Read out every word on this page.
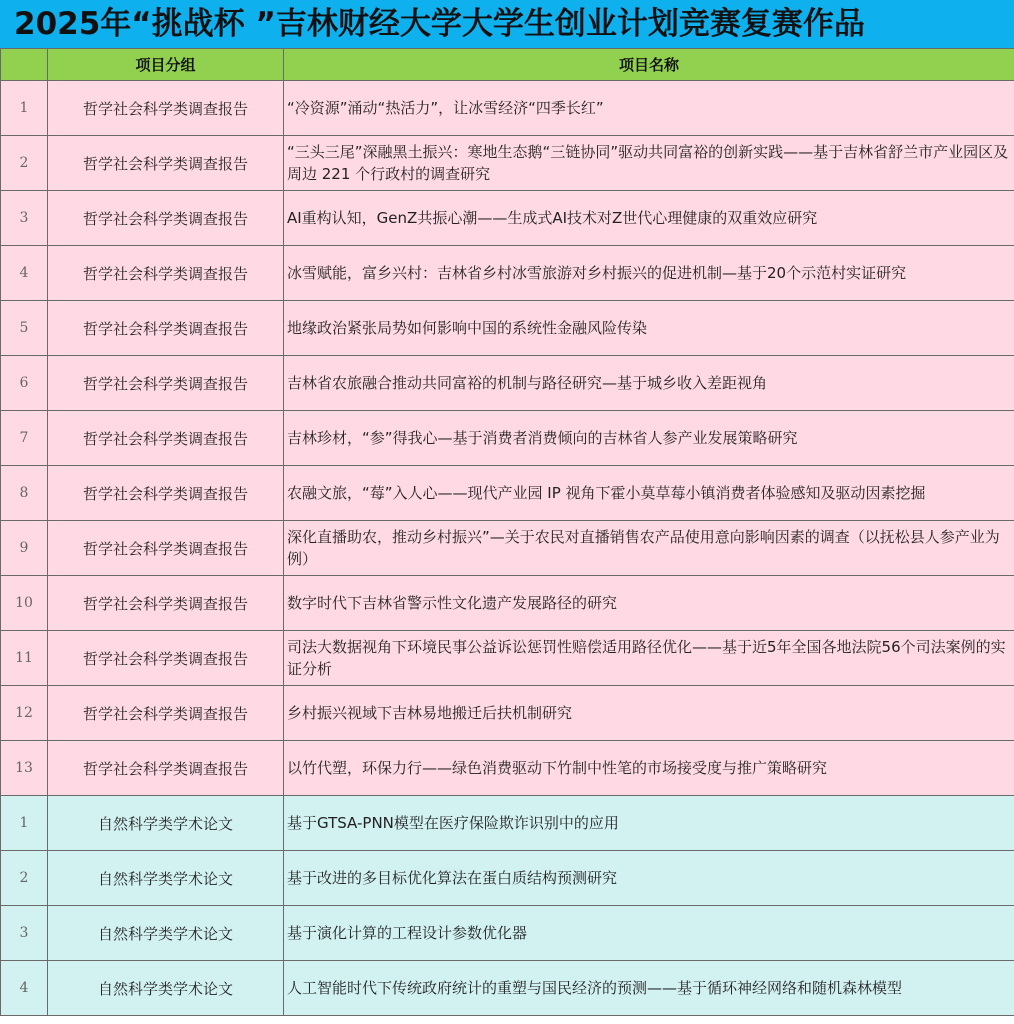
2025年“挑战杯 ”吉林财经大学大学生创业计划竞赛复赛作品
	项目分组	项目名称
1	哲学社会科学类调查报告	“冷资源”涌动“热活力”，让冰雪经济“四季长红”
2	哲学社会科学类调查报告	“三头三尾”深融黑土振兴：寒地生态鹅“三链协同”驱动共同富裕的创新实践——基于吉林省舒兰市产业园区及周边 221 个行政村的调查研究
3	哲学社会科学类调查报告	AI重构认知，GenZ共振心潮——生成式AI技术对Z世代心理健康的双重效应研究
4	哲学社会科学类调查报告	冰雪赋能，富乡兴村：吉林省乡村冰雪旅游对乡村振兴的促进机制—基于20个示范村实证研究
5	哲学社会科学类调查报告	地缘政治紧张局势如何影响中国的系统性金融风险传染
6	哲学社会科学类调查报告	吉林省农旅融合推动共同富裕的机制与路径研究—基于城乡收入差距视角
7	哲学社会科学类调查报告	吉林珍材，“参”得我心—基于消费者消费倾向的吉林省人参产业发展策略研究
8	哲学社会科学类调查报告	农融文旅，“莓”入人心——现代产业园 IP 视角下霍小莫草莓小镇消费者体验感知及驱动因素挖掘
9	哲学社会科学类调查报告	深化直播助农，推动乡村振兴”—关于农民对直播销售农产品使用意向影响因素的调查（以抚松县人参产业为例）
10	哲学社会科学类调查报告	数字时代下吉林省警示性文化遗产发展路径的研究
11	哲学社会科学类调查报告	司法大数据视角下环境民事公益诉讼惩罚性赔偿适用路径优化——基于近5年全国各地法院56个司法案例的实证分析
12	哲学社会科学类调查报告	乡村振兴视域下吉林易地搬迁后扶机制研究
13	哲学社会科学类调查报告	以竹代塑，环保力行——绿色消费驱动下竹制中性笔的市场接受度与推广策略研究
1	自然科学类学术论文	基于GTSA-PNN模型在医疗保险欺诈识别中的应用
2	自然科学类学术论文	基于改进的多目标优化算法在蛋白质结构预测研究
3	自然科学类学术论文	基于演化计算的工程设计参数优化器
4	自然科学类学术论文	人工智能时代下传统政府统计的重塑与国民经济的预测——基于循环神经网络和随机森林模型
